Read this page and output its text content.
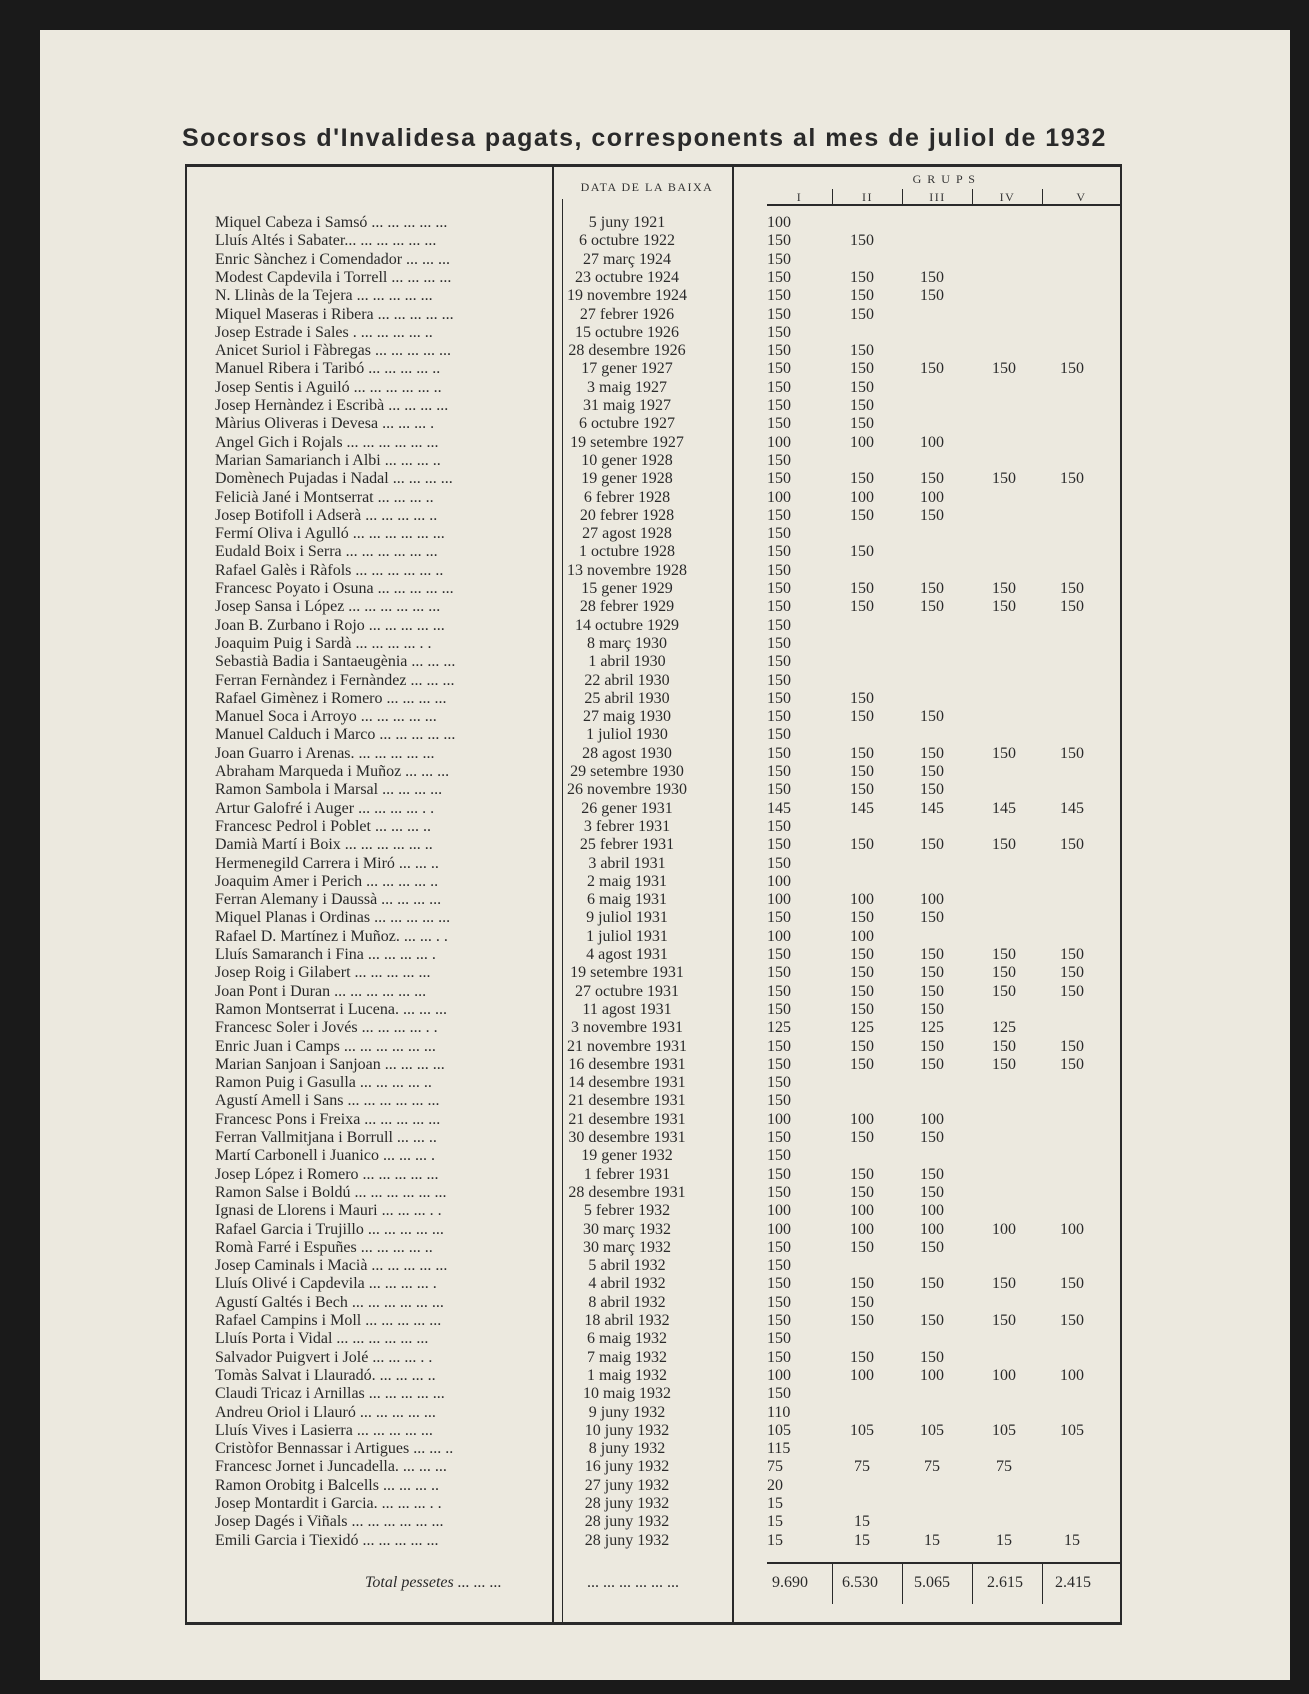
Socorsos d'Invalidesa pagats, corresponents al mes de juliol de 1932
DATA DE LA BAIXA
G R U P S
I	II	III	IV	V
Miquel Cabeza i Samsó ... ... ... ... ...	5 juny 1921	100
Lluís Altés i Sabater... ... ... ... ... ...	6 octubre 1922	150	150
Enric Sànchez i Comendador ... ... ...	27 març 1924	150
Modest Capdevila i Torrell ... ... ... ...	23 octubre 1924	150	150	150
N. Llinàs de la Tejera ... ... ... ... ...	19 novembre 1924	150	150	150
Miquel Maseras i Ribera ... ... ... ... ...	27 febrer 1926	150	150
Josep Estrade i Sales . ... ... ... ... ..	15 octubre 1926	150
Anicet Suriol i Fàbregas ... ... ... ... ...	28 desembre 1926	150	150
Manuel Ribera i Taribó ... ... ... ... ..	17 gener 1927	150	150	150	150	150
Josep Sentis i Aguiló ... ... ... ... ... ..	3 maig 1927	150	150
Josep Hernàndez i Escribà ... ... ... ...	31 maig 1927	150	150
Màrius Oliveras i Devesa ... ... ... .	6 octubre 1927	150	150
Angel Gich i Rojals ... ... ... ... ... ...	19 setembre 1927	100	100	100
Marian Samarianch i Albi ... ... ... ..	10 gener 1928	150
Domènech Pujadas i Nadal ... ... ... ...	19 gener 1928	150	150	150	150	150
Felicià Jané i Montserrat ... ... ... ..	6 febrer 1928	100	100	100
Josep Botifoll i Adserà ... ... ... ... ..	20 febrer 1928	150	150	150
Fermí Oliva i Agulló ... ... ... ... ... ...	27 agost 1928	150
Eudald Boix i Serra ... ... ... ... ... ...	1 octubre 1928	150	150
Rafael Galès i Ràfols ... ... ... ... ... ..	13 novembre 1928	150
Francesc Poyato i Osuna ... ... ... ... ...	15 gener 1929	150	150	150	150	150
Josep Sansa i López ... ... ... ... ... ...	28 febrer 1929	150	150	150	150	150
Joan B. Zurbano i Rojo ... ... ... ... ...	14 octubre 1929	150
Joaquim Puig i Sardà ... ... ... ... . .	8 març 1930	150
Sebastià Badia i Santaeugènia ... ... ...	1 abril 1930	150
Ferran Fernàndez i Fernàndez ... ... ...	22 abril 1930	150
Rafael Gimènez i Romero ... ... ... ...	25 abril 1930	150	150
Manuel Soca i Arroyo ... ... ... ... ...	27 maig 1930	150	150	150
Manuel Calduch i Marco ... ... ... ... ...	1 juliol 1930	150
Joan Guarro i Arenas. ... ... ... ... ...	28 agost 1930	150	150	150	150	150
Abraham Marqueda i Muñoz ... ... ...	29 setembre 1930	150	150	150
Ramon Sambola i Marsal ... ... ... ...	26 novembre 1930	150	150	150
Artur Galofré i Auger ... ... ... ... . .	26 gener 1931	145	145	145	145	145
Francesc Pedrol i Poblet ... ... ... ..	3 febrer 1931	150
Damià Martí i Boix ... ... ... ... ... ..	25 febrer 1931	150	150	150	150	150
Hermenegild Carrera i Miró ... ... ..	3 abril 1931	150
Joaquim Amer i Perich ... ... ... ... ..	2 maig 1931	100
Ferran Alemany i Daussà ... ... ... ...	6 maig 1931	100	100	100
Miquel Planas i Ordinas ... ... ... ... ...	9 juliol 1931	150	150	150
Rafael D. Martínez i Muñoz. ... ... . .	1 juliol 1931	100	100
Lluís Samaranch i Fina ... ... ... ... .	4 agost 1931	150	150	150	150	150
Josep Roig i Gilabert ... ... ... ... ...	19 setembre 1931	150	150	150	150	150
Joan Pont i Duran ... ... ... ... ... ...	27 octubre 1931	150	150	150	150	150
Ramon Montserrat i Lucena. ... ... ...	11 agost 1931	150	150	150
Francesc Soler i Jovés ... ... ... ... . .	3 novembre 1931	125	125	125	125
Enric Juan i Camps ... ... ... ... ... ...	21 novembre 1931	150	150	150	150	150
Marian Sanjoan i Sanjoan ... ... ... ...	16 desembre 1931	150	150	150	150	150
Ramon Puig i Gasulla ... ... ... ... ..	14 desembre 1931	150
Agustí Amell i Sans ... ... ... ... ... ...	21 desembre 1931	150
Francesc Pons i Freixa ... ... ... ... ...	21 desembre 1931	100	100	100
Ferran Vallmitjana i Borrull ... ... ..	30 desembre 1931	150	150	150
Martí Carbonell i Juanico ... ... ... .	19 gener 1932	150
Josep López i Romero ... ... ... ... ...	1 febrer 1931	150	150	150
Ramon Salse i Boldú ... ... ... ... ... ...	28 desembre 1931	150	150	150
Ignasi de Llorens i Mauri ... ... ... . .	5 febrer 1932	100	100	100
Rafael Garcia i Trujillo ... ... ... ... ...	30 març 1932	100	100	100	100	100
Romà Farré i Espuñes ... ... ... ... ..	30 març 1932	150	150	150
Josep Caminals i Macià ... ... ... ... ...	5 abril 1932	150
Lluís Olivé i Capdevila ... ... ... ... .	4 abril 1932	150	150	150	150	150
Agustí Galtés i Bech ... ... ... ... ... ...	8 abril 1932	150	150
Rafael Campins i Moll ... ... ... ... ...	18 abril 1932	150	150	150	150	150
Lluís Porta i Vidal ... ... ... ... ... ...	6 maig 1932	150
Salvador Puigvert i Jolé ... ... ... . .	7 maig 1932	150	150	150
Tomàs Salvat i Llauradó. ... ... ... ..	1 maig 1932	100	100	100	100	100
Claudi Tricaz i Arnillas ... ... ... ... ...	10 maig 1932	150
Andreu Oriol i Llauró ... ... ... ... ...	9 juny 1932	110
Lluís Vives i Lasierra ... ... ... ... ...	10 juny 1932	105	105	105	105	105
Cristòfor Bennassar i Artigues ... ... ..	8 juny 1932	115
Francesc Jornet i Juncadella. ... ... ...	16 juny 1932	75	75	75	75
Ramon Orobitg i Balcells ... ... ... ..	27 juny 1932	20
Josep Montardit i Garcia. ... ... ... . .	28 juny 1932	15
Josep Dagés i Viñals ... ... ... ... ... ...	28 juny 1932	15	15
Emili Garcia i Tiexidó ... ... ... ... ...	28 juny 1932	15	15	15	15	15
Total pessetes ... ... ...	... ... ... ... ... ...	9.690 6.530 5.065 2.615 2.415
